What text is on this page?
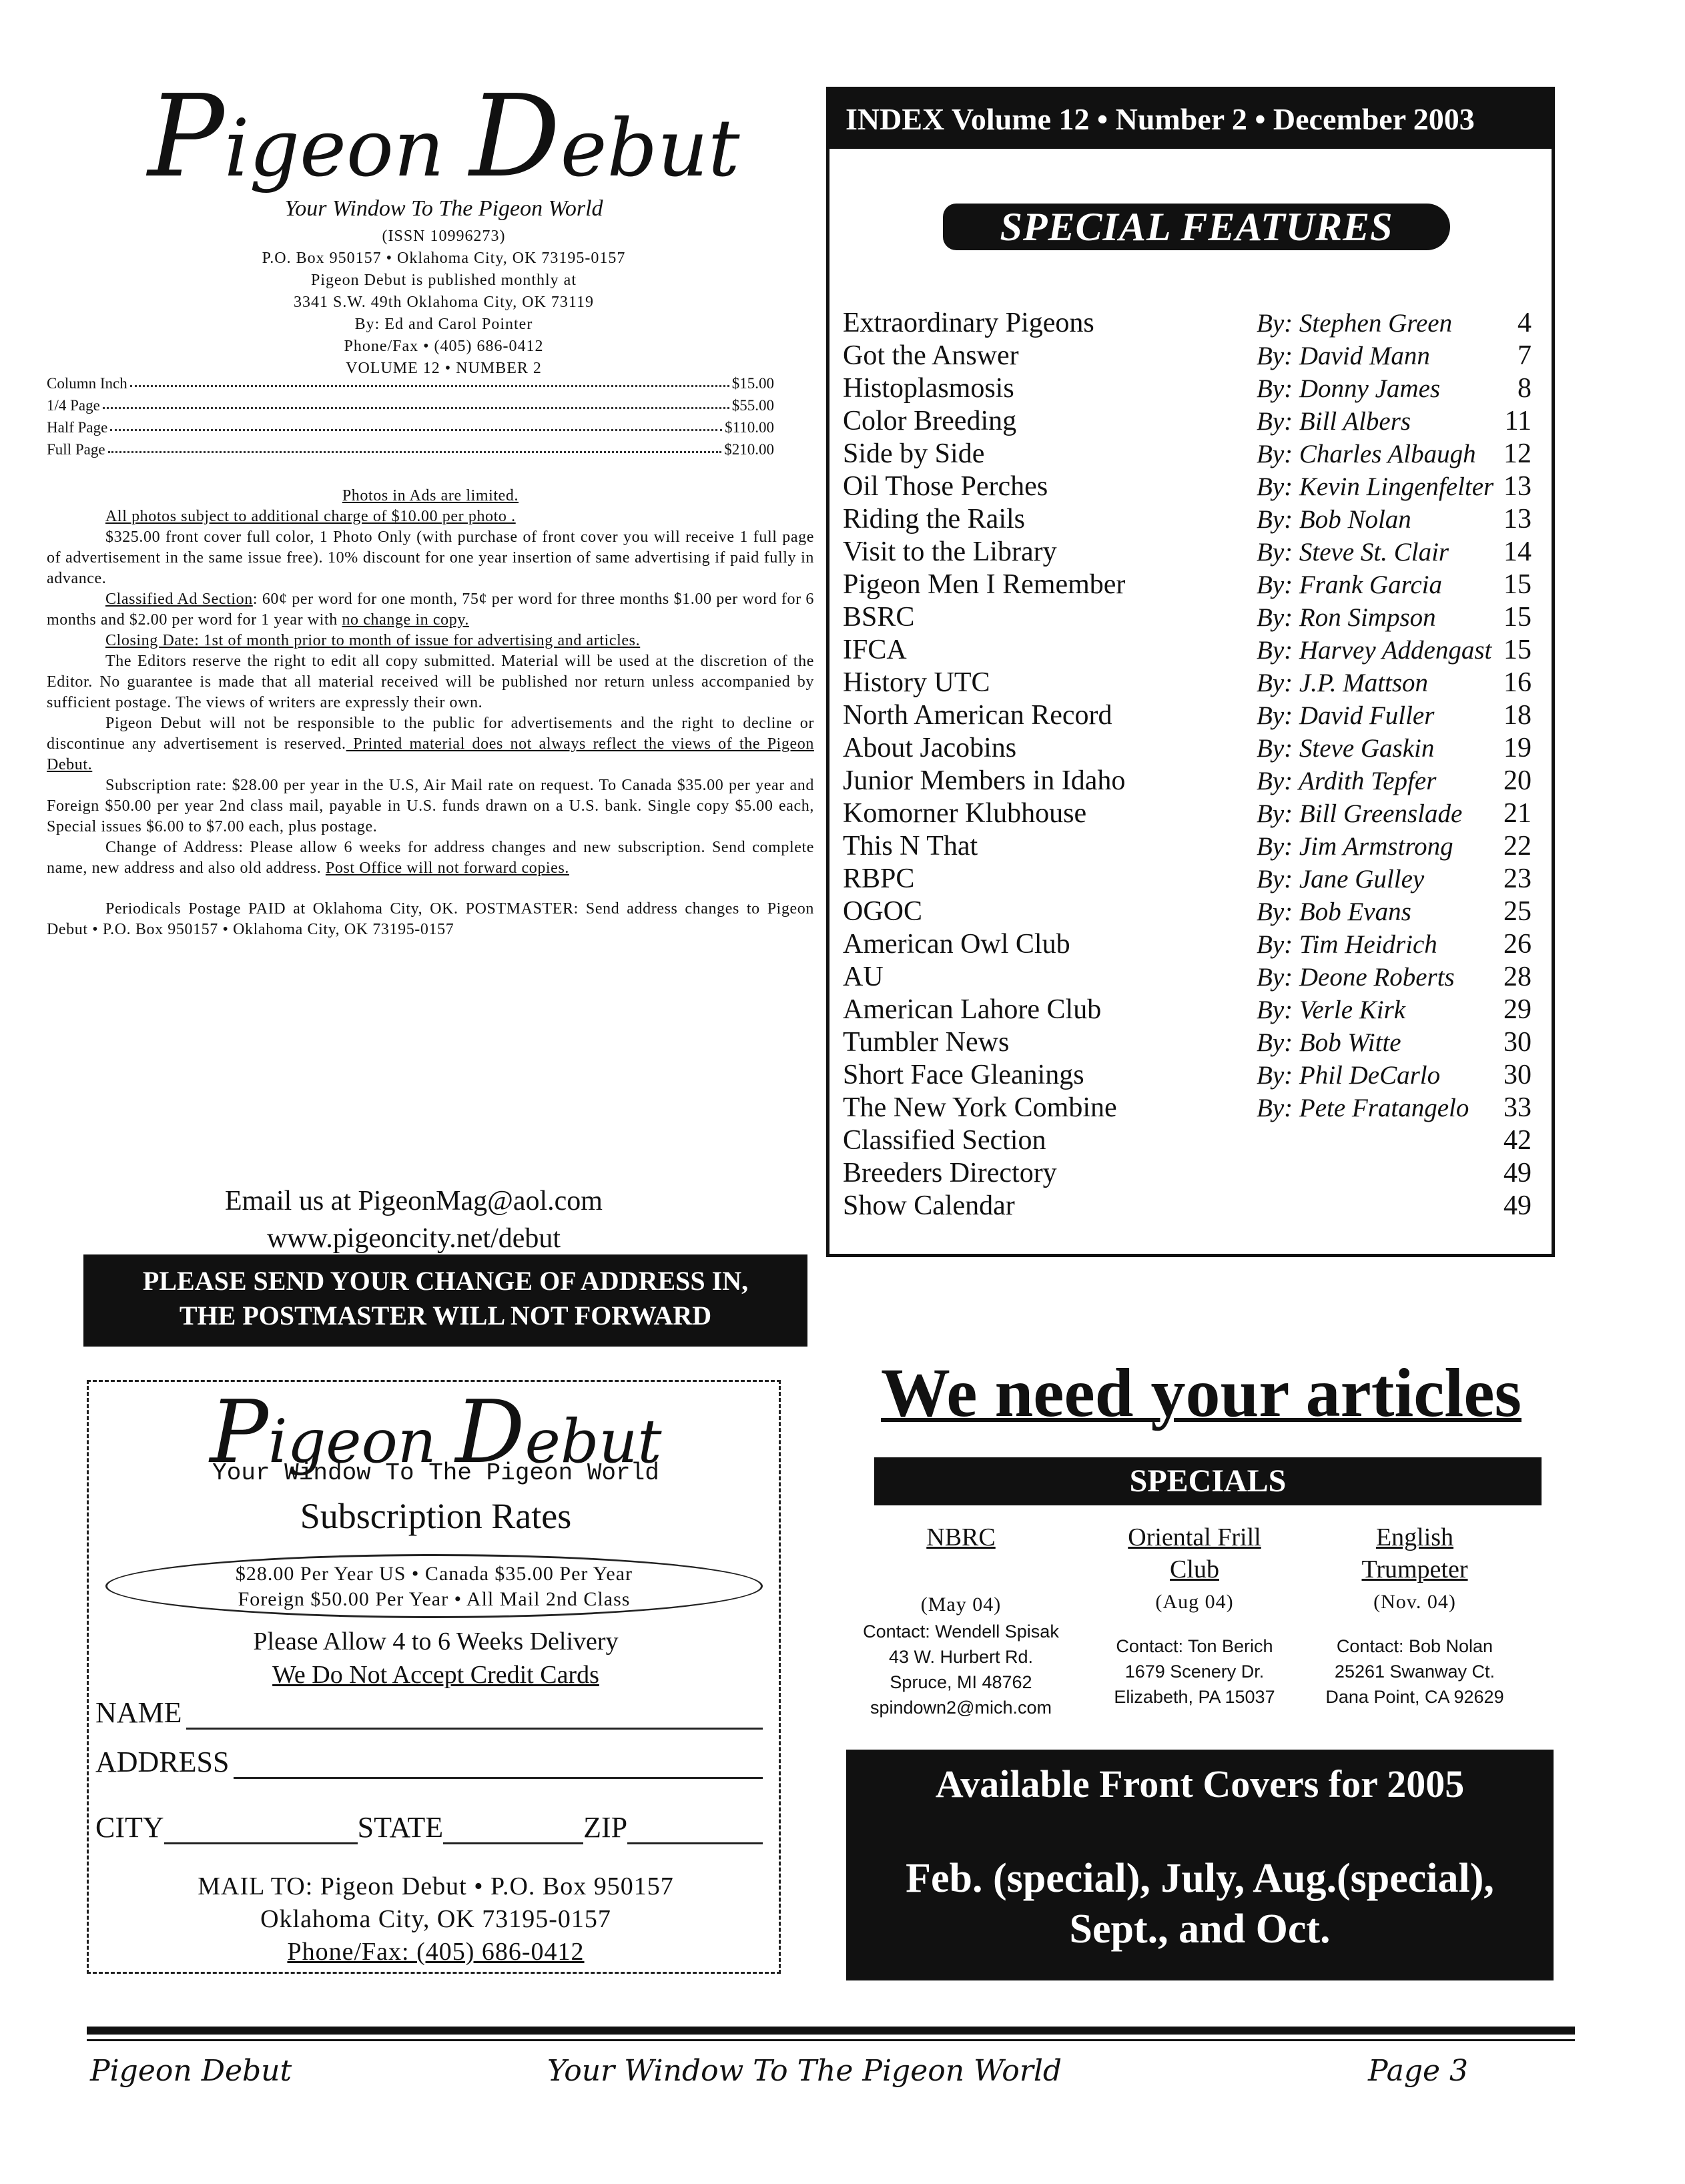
Pigeon Debut
Your Window To The Pigeon World
(ISSN 10996273)
P.O. Box 950157 • Oklahoma City, OK 73195-0157
Pigeon Debut is published monthly at
3341 S.W. 49th Oklahoma City, OK 73119
By: Ed and Carol Pointer
Phone/Fax • (405) 686-0412
VOLUME 12 • NUMBER 2
Column Inch	$15.00
1/4 Page	$55.00
Half Page	$110.00
Full Page	$210.00

Photos in Ads are limited.

All photos subject to additional charge of $10.00 per photo .

$325.00 front cover full color, 1 Photo Only (with purchase of front cover you will receive 1 full page of advertisement in the same issue free). 10% discount for one year insertion of same advertising if paid fully in advance.

Classified Ad Section: 60¢ per word for one month, 75¢ per word for three months $1.00 per word for 6 months and $2.00 per word for 1 year with no change in copy.

Closing Date: 1st of month prior to month of issue for advertising and articles.

The Editors reserve the right to edit all copy submitted. Material will be used at the discretion of the Editor. No guarantee is made that all material received will be published nor return unless accompanied by sufficient postage. The views of writers are expressly their own.

Pigeon Debut will not be responsible to the public for advertisements and the right to decline or discontinue any advertisement is reserved. Printed material does not always reflect the views of the Pigeon Debut.

Subscription rate: $28.00 per year in the U.S, Air Mail rate on request. To Canada $35.00 per year and Foreign $50.00 per year 2nd class mail, payable in U.S. funds drawn on a U.S. bank. Single copy $5.00 each, Special issues $6.00 to $7.00 each, plus postage.

Change of Address: Please allow 6 weeks for address changes and new subscription. Send complete name, new address and also old address. Post Office will not forward copies.

Periodicals Postage PAID at Oklahoma City, OK. POSTMASTER: Send address changes to Pigeon Debut • P.O. Box 950157 • Oklahoma City, OK 73195-0157

Email us at PigeonMag@aol.com
www.pigeoncity.net/debut
PLEASE SEND YOUR CHANGE OF ADDRESS IN,
THE POSTMASTER WILL NOT FORWARD
INDEX Volume 12 • Number 2 • December 2003
SPECIAL FEATURES
Extraordinary Pigeons	By: Stephen Green 4
Got the Answer	By: David Mann	7
Histoplasmosis	By: Donny James	8
Color Breeding	By: Bill Albers	11
Side by Side	By: Charles Albaugh 12
Oil Those Perches	By: Kevin Lingenfelter 13
Riding the Rails	By: Bob Nolan	13
Visit to the Library	By: Steve St. Clair 14
Pigeon Men I Remember	By: Frank Garcia 15
BSRC	By: Ron Simpson 15
IFCA	By: Harvey Addengast 15
History UTC	By: J.P. Mattson	16
North American Record	By: David Fuller 18
About Jacobins	By: Steve Gaskin 19
Junior Members in Idaho	By: Ardith Tepfer 20
Komorner Klubhouse	By: Bill Greenslade 21
This N That	By: Jim Armstrong 22
RBPC	By: Jane Gulley	23
OGOC	By: Bob Evans	25
American Owl Club	By: Tim Heidrich 26
AU	By: Deone Roberts 28
American Lahore Club	By: Verle Kirk	29
Tumbler News	By: Bob Witte	30
Short Face Gleanings	By: Phil DeCarlo 30
The New York Combine	By: Pete Fratangelo 33
Classified Section	42
Breeders Directory	49
Show Calendar	49
Pigeon Debut
Your Window To The Pigeon World
Subscription Rates
$28.00 Per Year US • Canada $35.00 Per Year
Foreign $50.00 Per Year • All Mail 2nd Class
Please Allow 4 to 6 Weeks Delivery
We Do Not Accept Credit Cards
NAME
ADDRESS
CITY	STATE	ZIP
MAIL TO: Pigeon Debut • P.O. Box 950157
Oklahoma City, OK 73195-0157
Phone/Fax: (405) 686-0412
We need your articles
SPECIALS
NBRC
(May 04)
Contact: Wendell Spisak
43 W. Hurbert Rd.
Spruce, MI 48762
spindown2@mich.com
Oriental Frill
Club
(Aug 04)
Contact: Ton Berich
1679 Scenery Dr.
Elizabeth, PA 15037
English
Trumpeter
(Nov. 04)
Contact: Bob Nolan
25261 Swanway Ct.
Dana Point, CA 92629
Available Front Covers for 2005
Feb. (special), July, Aug.(special),
Sept., and Oct.
Pigeon Debut	Your Window To The Pigeon World	Page 3
